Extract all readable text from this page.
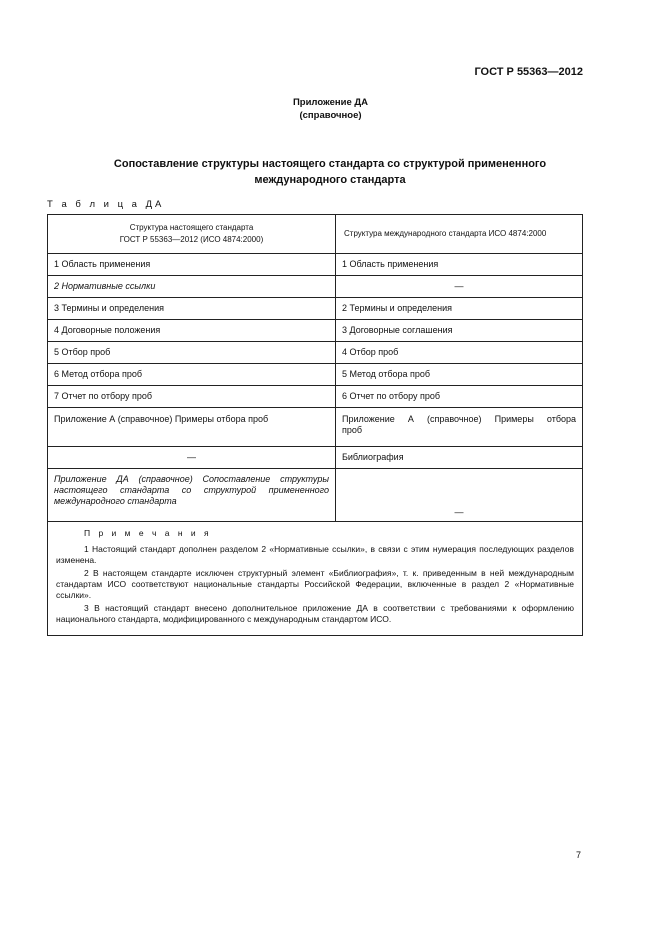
ГОСТ Р 55363—2012
Приложение ДА
(справочное)
Сопоставление структуры настоящего стандарта со структурой примененного
международного стандарта
Т а б л и ц а ДА
Структура настоящего стандарта
ГОСТ Р 55363—2012 (ИСО 4874:2000)	Структура международного стандарта ИСО 4874:2000
1 Область применения	1 Область применения
2 Нормативные ссылки	—
3 Термины и определения	2 Термины и определения
4 Договорные положения	3 Договорные соглашения
5 Отбор проб	4 Отбор проб
6 Метод отбора проб	5 Метод отбора проб
7 Отчет по отбору проб	6 Отчет по отбору проб
Приложение А (справочное) Примеры отбора проб	Приложение А (справочное) Примеры отбора
проб

—	Библиография
Приложение ДА (справочное) Сопоставление структуры настоящего стандарта со структурой примененного международного стандарта	—

П р и м е ч а н и я
1 Настоящий стандарт дополнен разделом 2 «Нормативные ссылки», в связи с этим нумерация последующих разделов изменена.
2 В настоящем стандарте исключен структурный элемент «Библиография», т. к. приведенным в ней международным стандартам ИСО соответствуют национальные стандарты Российской Федерации, включенные в раздел 2 «Нормативные ссылки».
3 В настоящий стандарт внесено дополнительное приложение ДА в соответствии с требованиями к оформлению национального стандарта, модифицированного с международным стандартом ИСО.	
7
